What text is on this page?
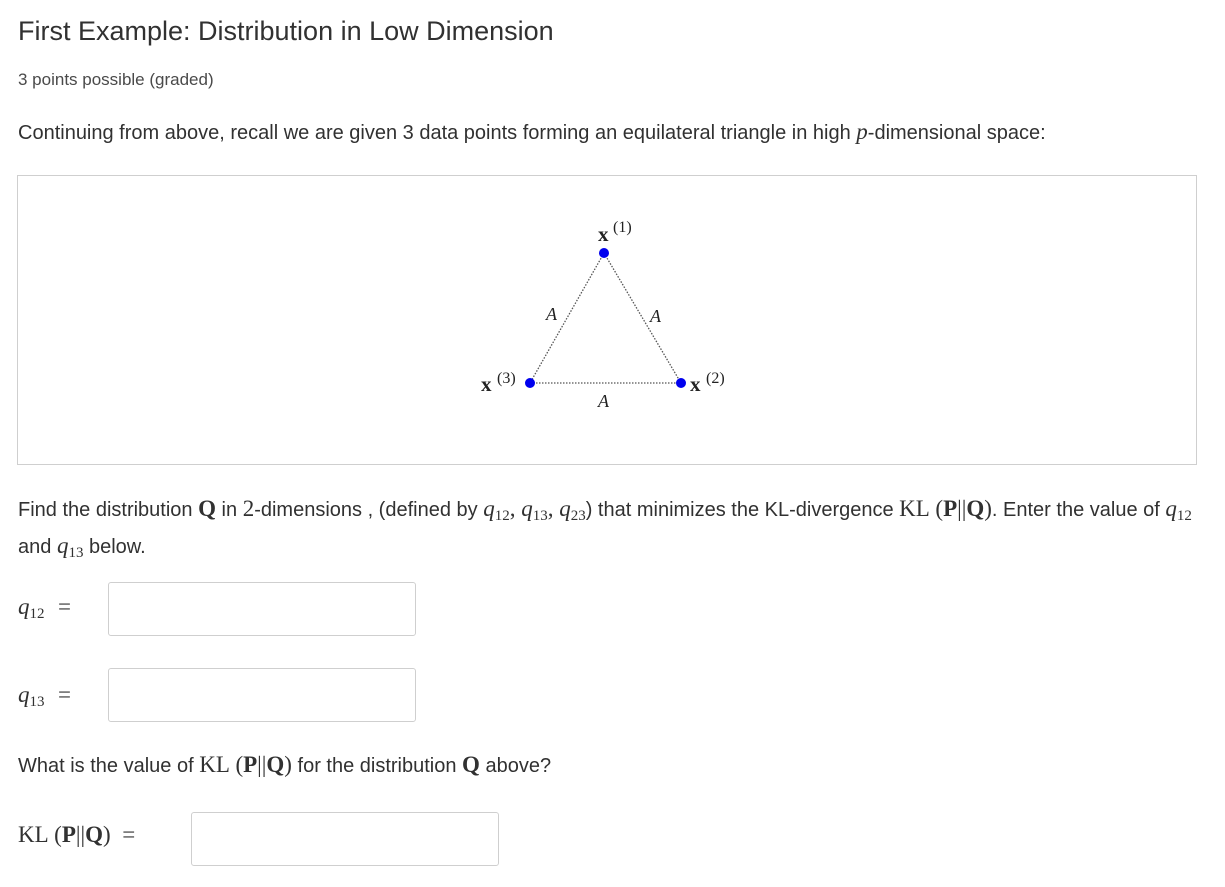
First Example: Distribution in Low Dimension
3 points possible (graded)
Continuing from above, recall we are given 3 data points forming an equilateral triangle in high p-dimensional space:
x (1)
x (2)
x (3)
A	A
A
Find the distribution Q in 2-dimensions , (defined by $q_{12}$, $q_{13}$, $q_{23}$) that minimizes the KL-divergence KL (P||Q). Enter the value of $q_{12}$ and $q_{13}$ below.
$q_{12}$ =
$q_{13}$ =
What is the value of KL (P||Q) for the distribution Q above?
KL (P||Q) =
